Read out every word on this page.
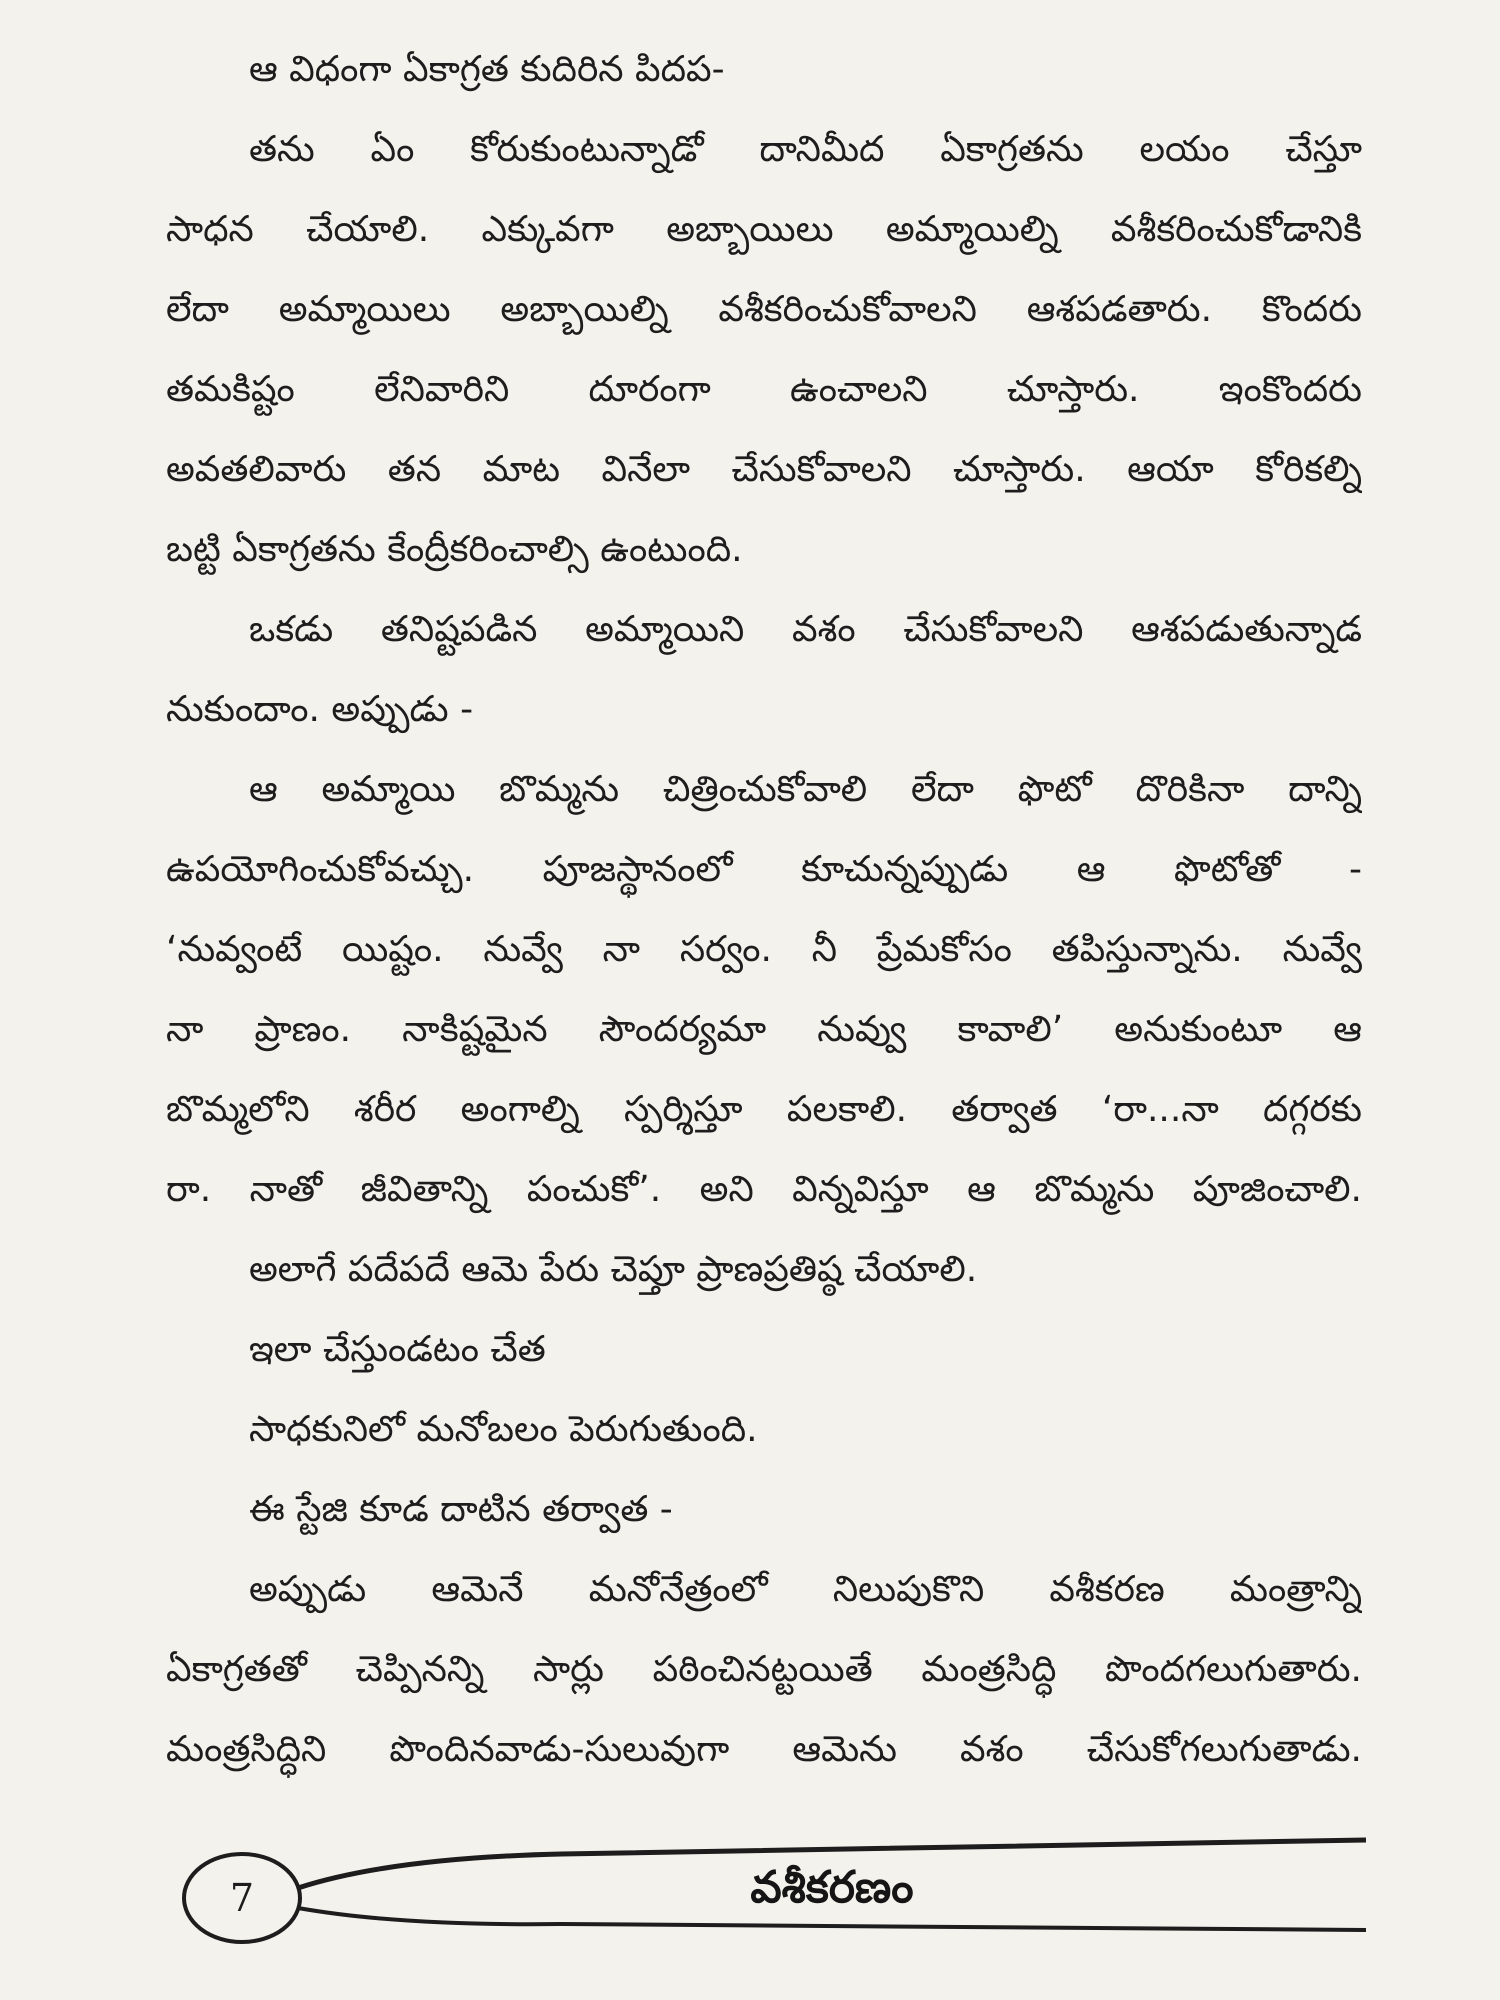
ఆ విధంగా ఏకాగ్రత కుదిరిన పిదప-
తను ఏం కోరుకుంటున్నాడో దానిమీద ఏకాగ్రతను లయం చేస్తూ
సాధన చేయాలి. ఎక్కువగా అబ్బాయిలు అమ్మాయిల్ని వశీకరించుకోడానికి
లేదా అమ్మాయిలు అబ్బాయిల్ని వశీకరించుకోవాలని ఆశపడతారు. కొందరు
తమకిష్టం లేనివారిని దూరంగా ఉంచాలని చూస్తారు. ఇంకొందరు
అవతలివారు తన మాట వినేలా చేసుకోవాలని చూస్తారు. ఆయా కోరికల్ని
బట్టి ఏకాగ్రతను కేంద్రీకరించాల్సి ఉంటుంది.
ఒకడు తనిష్టపడిన అమ్మాయిని వశం చేసుకోవాలని ఆశపడుతున్నాడ
నుకుందాం. అప్పుడు -
ఆ అమ్మాయి బొమ్మను చిత్రించుకోవాలి లేదా ఫొటో దొరికినా దాన్ని
ఉపయోగించుకోవచ్చు. పూజస్థానంలో కూచున్నప్పుడు ఆ ఫొటోతో -
‘నువ్వంటే యిష్టం. నువ్వే నా సర్వం. నీ ప్రేమకోసం తపిస్తున్నాను. నువ్వే
నా ప్రాణం. నాకిష్టమైన సౌందర్యమా నువ్వు కావాలి’ అనుకుంటూ ఆ
బొమ్మలోని శరీర అంగాల్ని స్పర్శిస్తూ పలకాలి. తర్వాత ‘రా...నా దగ్గరకు
రా. నాతో జీవితాన్ని పంచుకో’. అని విన్నవిస్తూ ఆ బొమ్మను పూజించాలి.
అలాగే పదేపదే ఆమె పేరు చెప్తూ ప్రాణప్రతిష్ఠ చేయాలి.
ఇలా చేస్తుండటం చేత
సాధకునిలో మనోబలం పెరుగుతుంది.
ఈ స్టేజి కూడ దాటిన తర్వాత -
అప్పుడు ఆమెనే మనోనేత్రంలో నిలుపుకొని వశీకరణ మంత్రాన్ని
ఏకాగ్రతతో చెప్పినన్ని సార్లు పఠించినట్టయితే మంత్రసిద్ధి పొందగలుగుతారు.
మంత్రసిద్ధిని పొందినవాడు-సులువుగా ఆమెను వశం చేసుకోగలుగుతాడు.
7	వశీకరణం
